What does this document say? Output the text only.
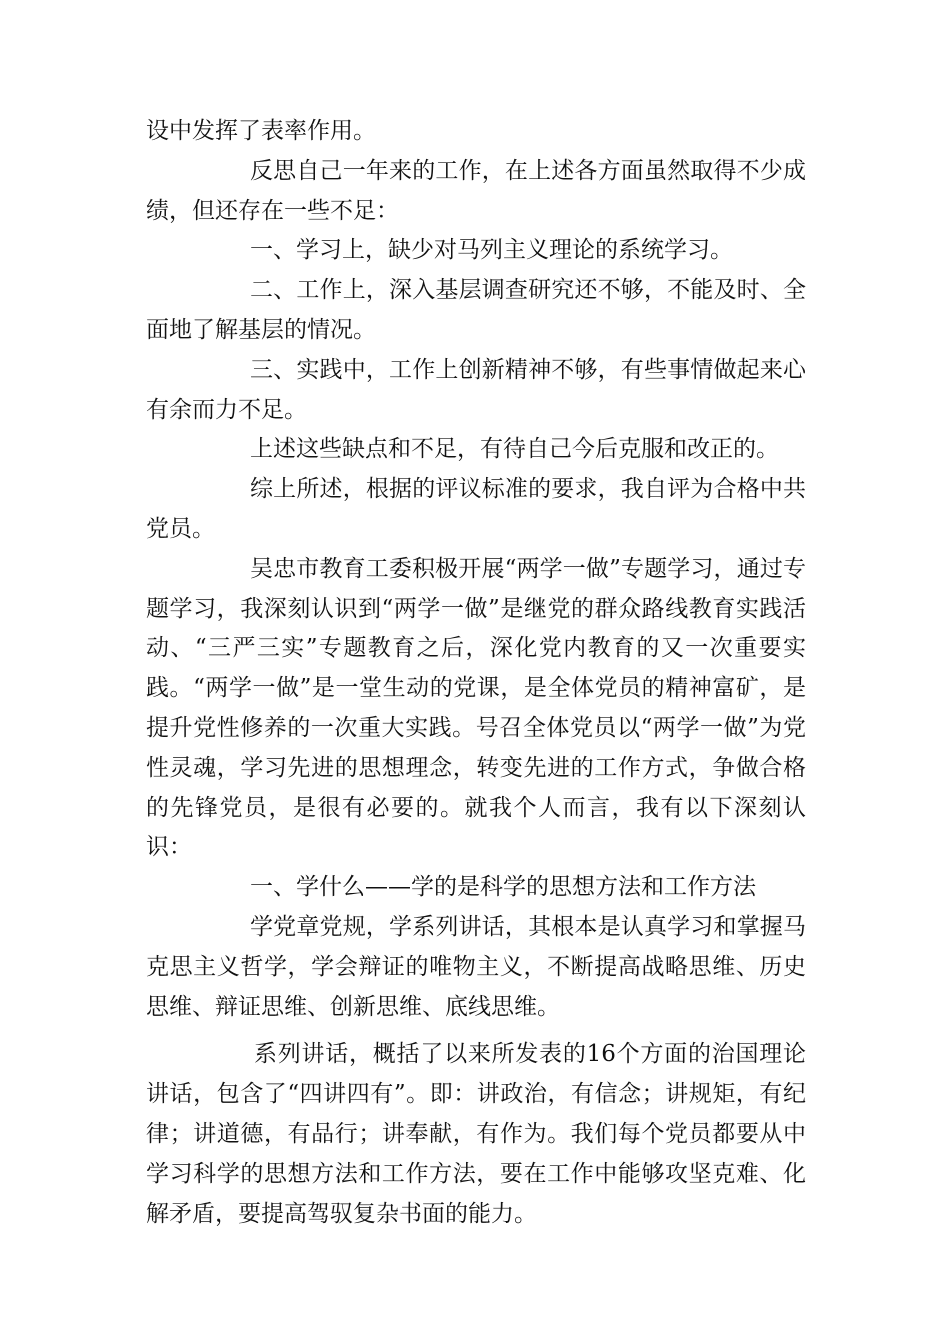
设中发挥了表率作用。

反思自己一年来的工作，在上述各方面虽然取得不少成绩，但还存在一些不足：

一、学习上，缺少对马列主义理论的系统学习。

二、工作上，深入基层调查研究还不够，不能及时、全面地了解基层的情况。

三、实践中，工作上创新精神不够，有些事情做起来心有余而力不足。

上述这些缺点和不足，有待自己今后克服和改正的。

综上所述，根据的评议标准的要求，我自评为合格中共党员。

吴忠市教育工委积极开展“两学一做”专题学习，通过专题学习，我深刻认识到“两学一做”是继党的群众路线教育实践活动、“三严三实”专题教育之后，深化党内教育的又一次重要实践。“两学一做”是一堂生动的党课，是全体党员的精神富矿，是提升党性修养的一次重大实践。号召全体党员以“两学一做”为党性灵魂，学习先进的思想理念，转变先进的工作方式，争做合格的先锋党员，是很有必要的。就我个人而言，我有以下深刻认识：

一、学什么——学的是科学的思想方法和工作方法

学党章党规，学系列讲话，其根本是认真学习和掌握马克思主义哲学，学会辩证的唯物主义，不断提高战略思维、历史思维、辩证思维、创新思维、底线思维。

系列讲话，概括了以来所发表的16个方面的治国理论讲话，包含了“四讲四有”。即：讲政治，有信念；讲规矩，有纪律；讲道德，有品行；讲奉献，有作为。我们每个党员都要从中学习科学的思想方法和工作方法，要在工作中能够攻坚克难、化解矛盾，要提高驾驭复杂书面的能力。
